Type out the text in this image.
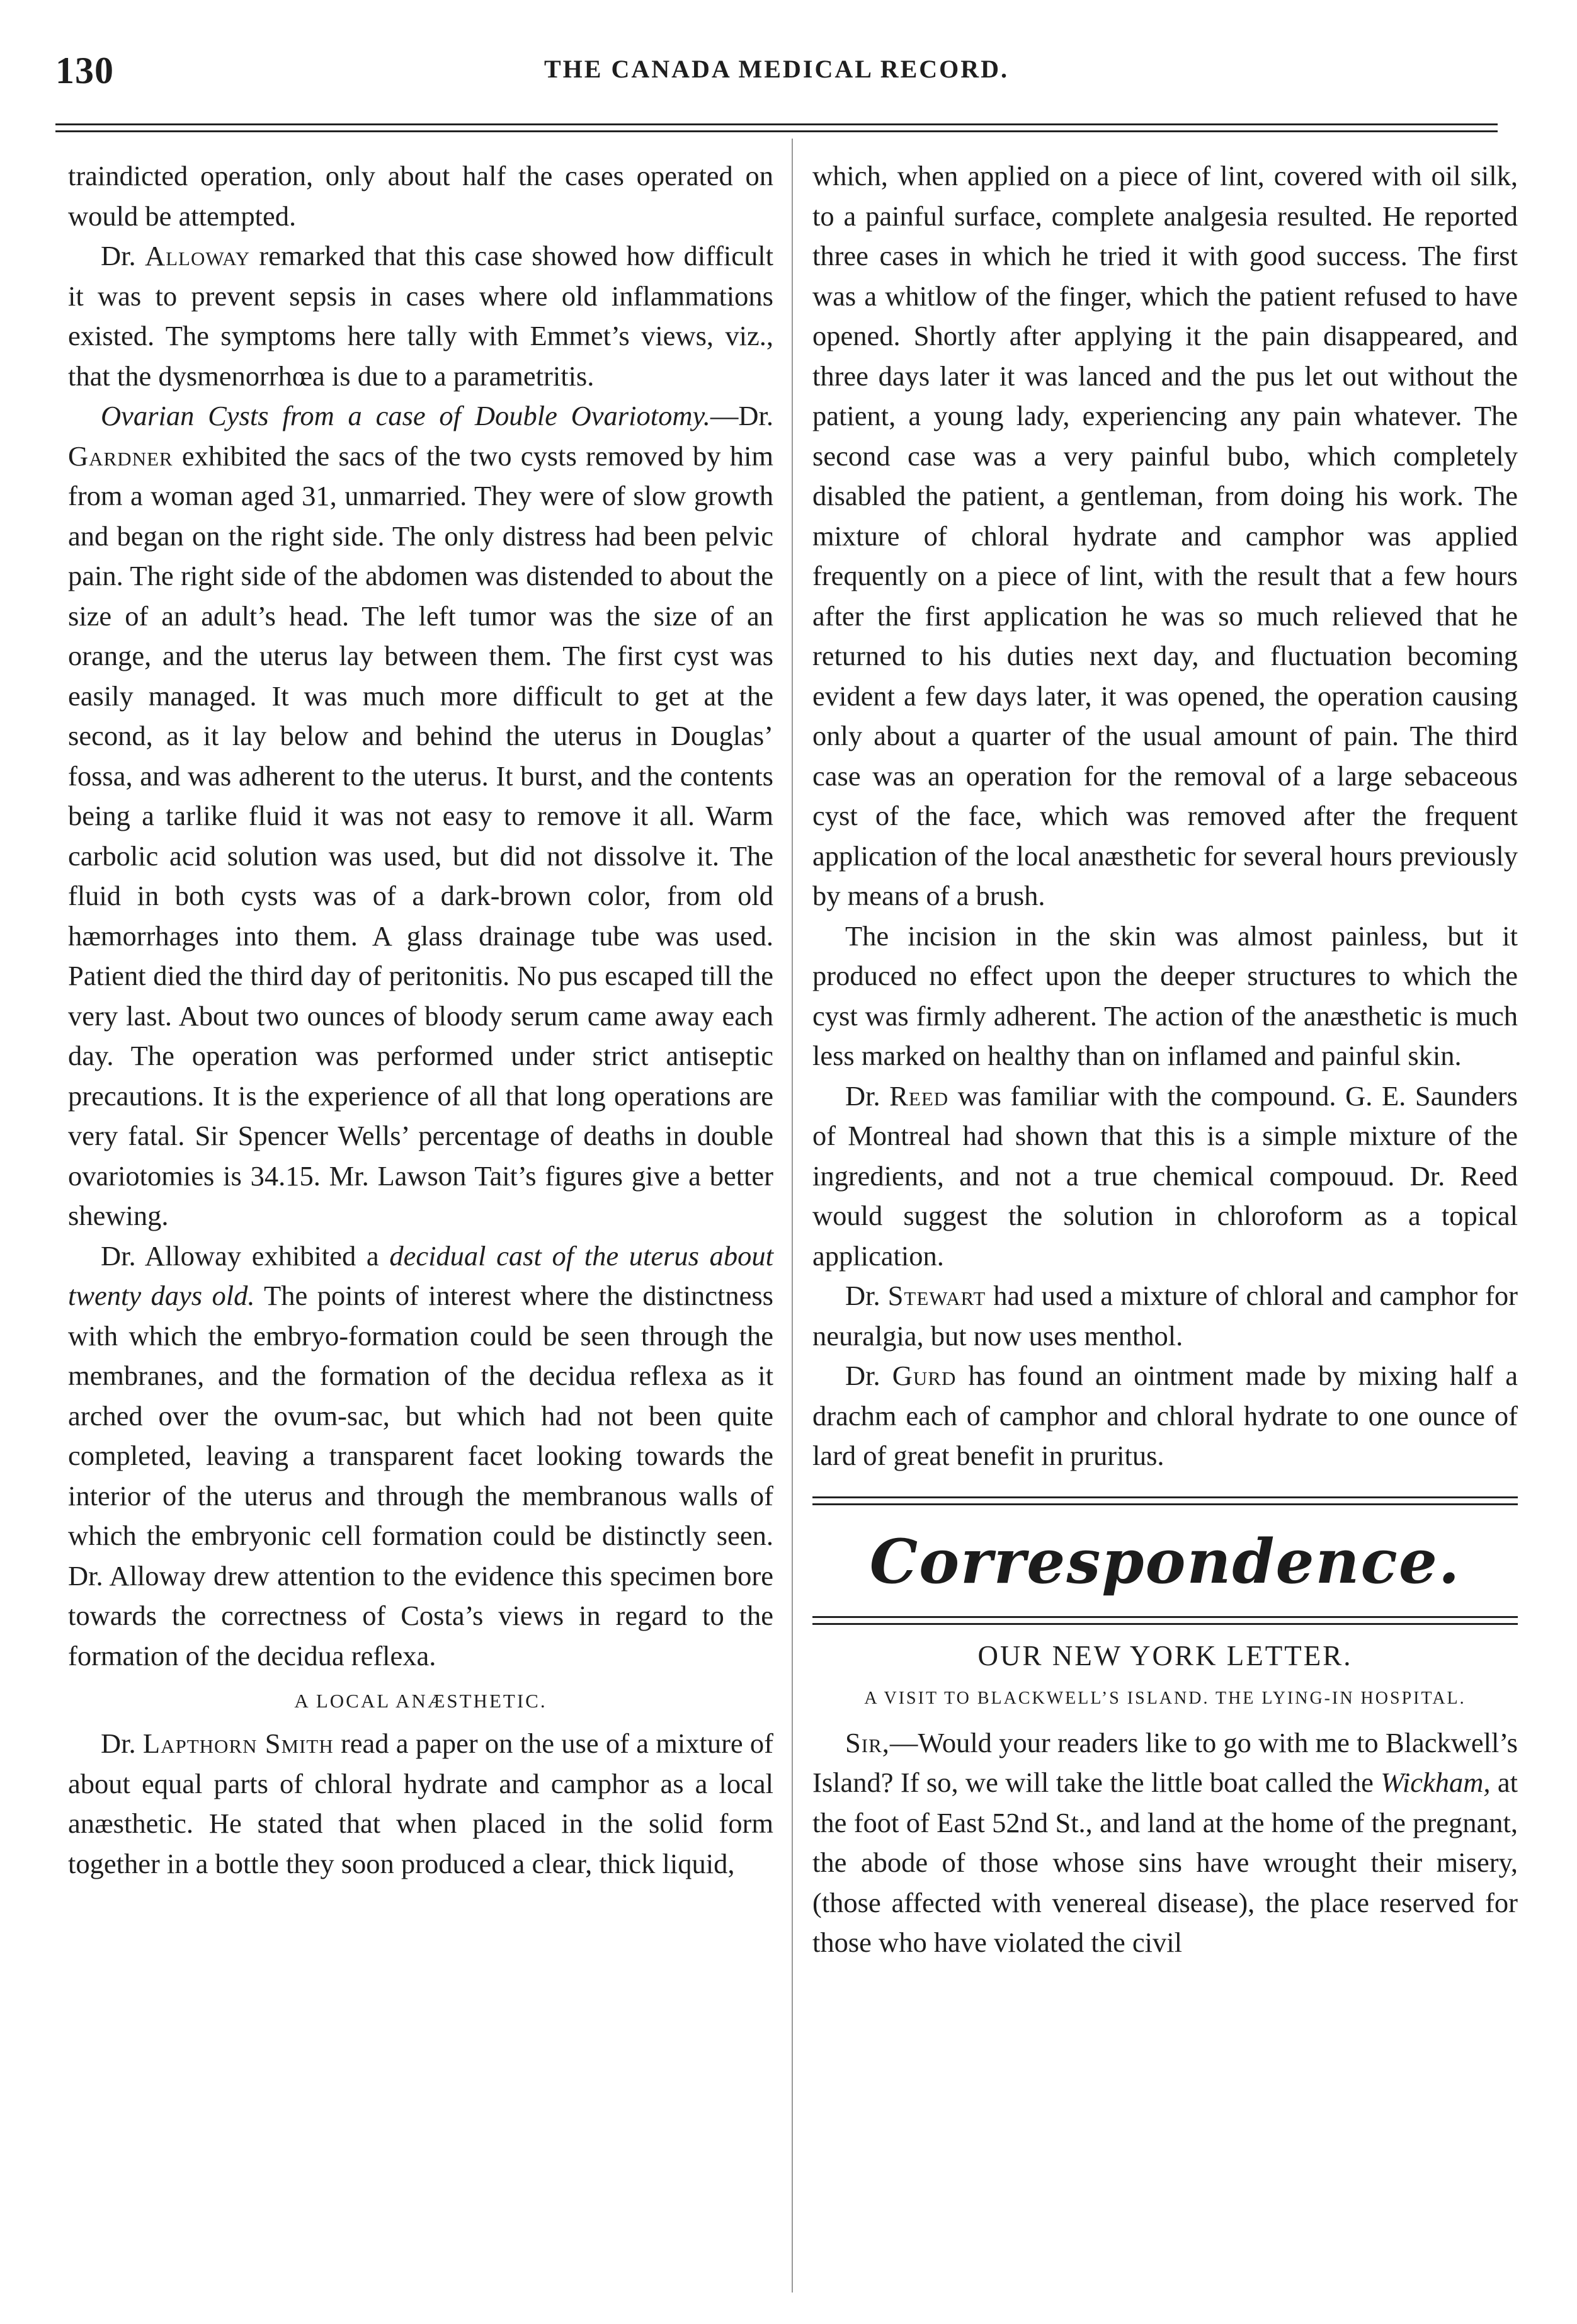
130	THE CANADA MEDICAL RECORD.

traindicted operation, only about half the cases operated on would be attempted.

Dr. Alloway remarked that this case showed how difficult it was to prevent sepsis in cases where old inflammations existed. The symptoms here tally with Emmet’s views, viz., that the dysmenorrhœa is due to a parametritis.

Ovarian Cysts from a case of Double Ovariotomy.—Dr. Gardner exhibited the sacs of the two cysts removed by him from a woman aged 31, unmarried. They were of slow growth and began on the right side. The only distress had been pelvic pain. The right side of the abdomen was distended to about the size of an adult’s head. The left tumor was the size of an orange, and the uterus lay between them. The first cyst was easily managed. It was much more difficult to get at the second, as it lay below and behind the uterus in Douglas’ fossa, and was adherent to the uterus. It burst, and the contents being a tarlike fluid it was not easy to remove it all. Warm carbolic acid solution was used, but did not dissolve it. The fluid in both cysts was of a dark-brown color, from old hæmorrhages into them. A glass drainage tube was used. Patient died the third day of peritonitis. No pus escaped till the very last. About two ounces of bloody serum came away each day. The operation was performed under strict antiseptic precautions. It is the experience of all that long operations are very fatal. Sir Spencer Wells’ percentage of deaths in double ovariotomies is 34.15. Mr. Lawson Tait’s figures give a better shewing.

Dr. Alloway exhibited a decidual cast of the uterus about twenty days old. The points of interest where the distinctness with which the embryo-formation could be seen through the membranes, and the formation of the decidua reflexa as it arched over the ovum-sac, but which had not been quite completed, leaving a transparent facet looking towards the interior of the uterus and through the membranous walls of which the embryonic cell formation could be distinctly seen. Dr. Alloway drew attention to the evidence this specimen bore towards the correctness of Costa’s views in regard to the formation of the decidua reflexa.

A LOCAL ANÆSTHETIC.

Dr. Lapthorn Smith read a paper on the use of a mixture of about equal parts of chloral hydrate and camphor as a local anæsthetic. He stated that when placed in the solid form together in a bottle they soon produced a clear, thick liquid,

which, when applied on a piece of lint, covered with oil silk, to a painful surface, complete analgesia resulted. He reported three cases in which he tried it with good success. The first was a whitlow of the finger, which the patient refused to have opened. Shortly after applying it the pain disappeared, and three days later it was lanced and the pus let out without the patient, a young lady, experiencing any pain whatever. The second case was a very painful bubo, which completely disabled the patient, a gentleman, from doing his work. The mixture of chloral hydrate and camphor was applied frequently on a piece of lint, with the result that a few hours after the first application he was so much relieved that he returned to his duties next day, and fluctuation becoming evident a few days later, it was opened, the operation causing only about a quarter of the usual amount of pain. The third case was an operation for the removal of a large sebaceous cyst of the face, which was removed after the frequent application of the local anæsthetic for several hours previously by means of a brush.

The incision in the skin was almost painless, but it produced no effect upon the deeper structures to which the cyst was firmly adherent. The action of the anæsthetic is much less marked on healthy than on inflamed and painful skin.

Dr. Reed was familiar with the compound. G. E. Saunders of Montreal had shown that this is a simple mixture of the ingredients, and not a true chemical compouud. Dr. Reed would suggest the solution in chloroform as a topical application.

Dr. Stewart had used a mixture of chloral and camphor for neuralgia, but now uses menthol.

Dr. Gurd has found an ointment made by mixing half a drachm each of camphor and chloral hydrate to one ounce of lard of great benefit in pruritus.

Correspondence.
OUR NEW YORK LETTER.
A VISIT TO BLACKWELL’S ISLAND. THE LYING-IN HOSPITAL.

Sir,—Would your readers like to go with me to Blackwell’s Island? If so, we will take the little boat called the Wickham, at the foot of East 52nd St., and land at the home of the pregnant, the abode of those whose sins have wrought their misery, (those affected with venereal disease), the place reserved for those who have violated the civil
